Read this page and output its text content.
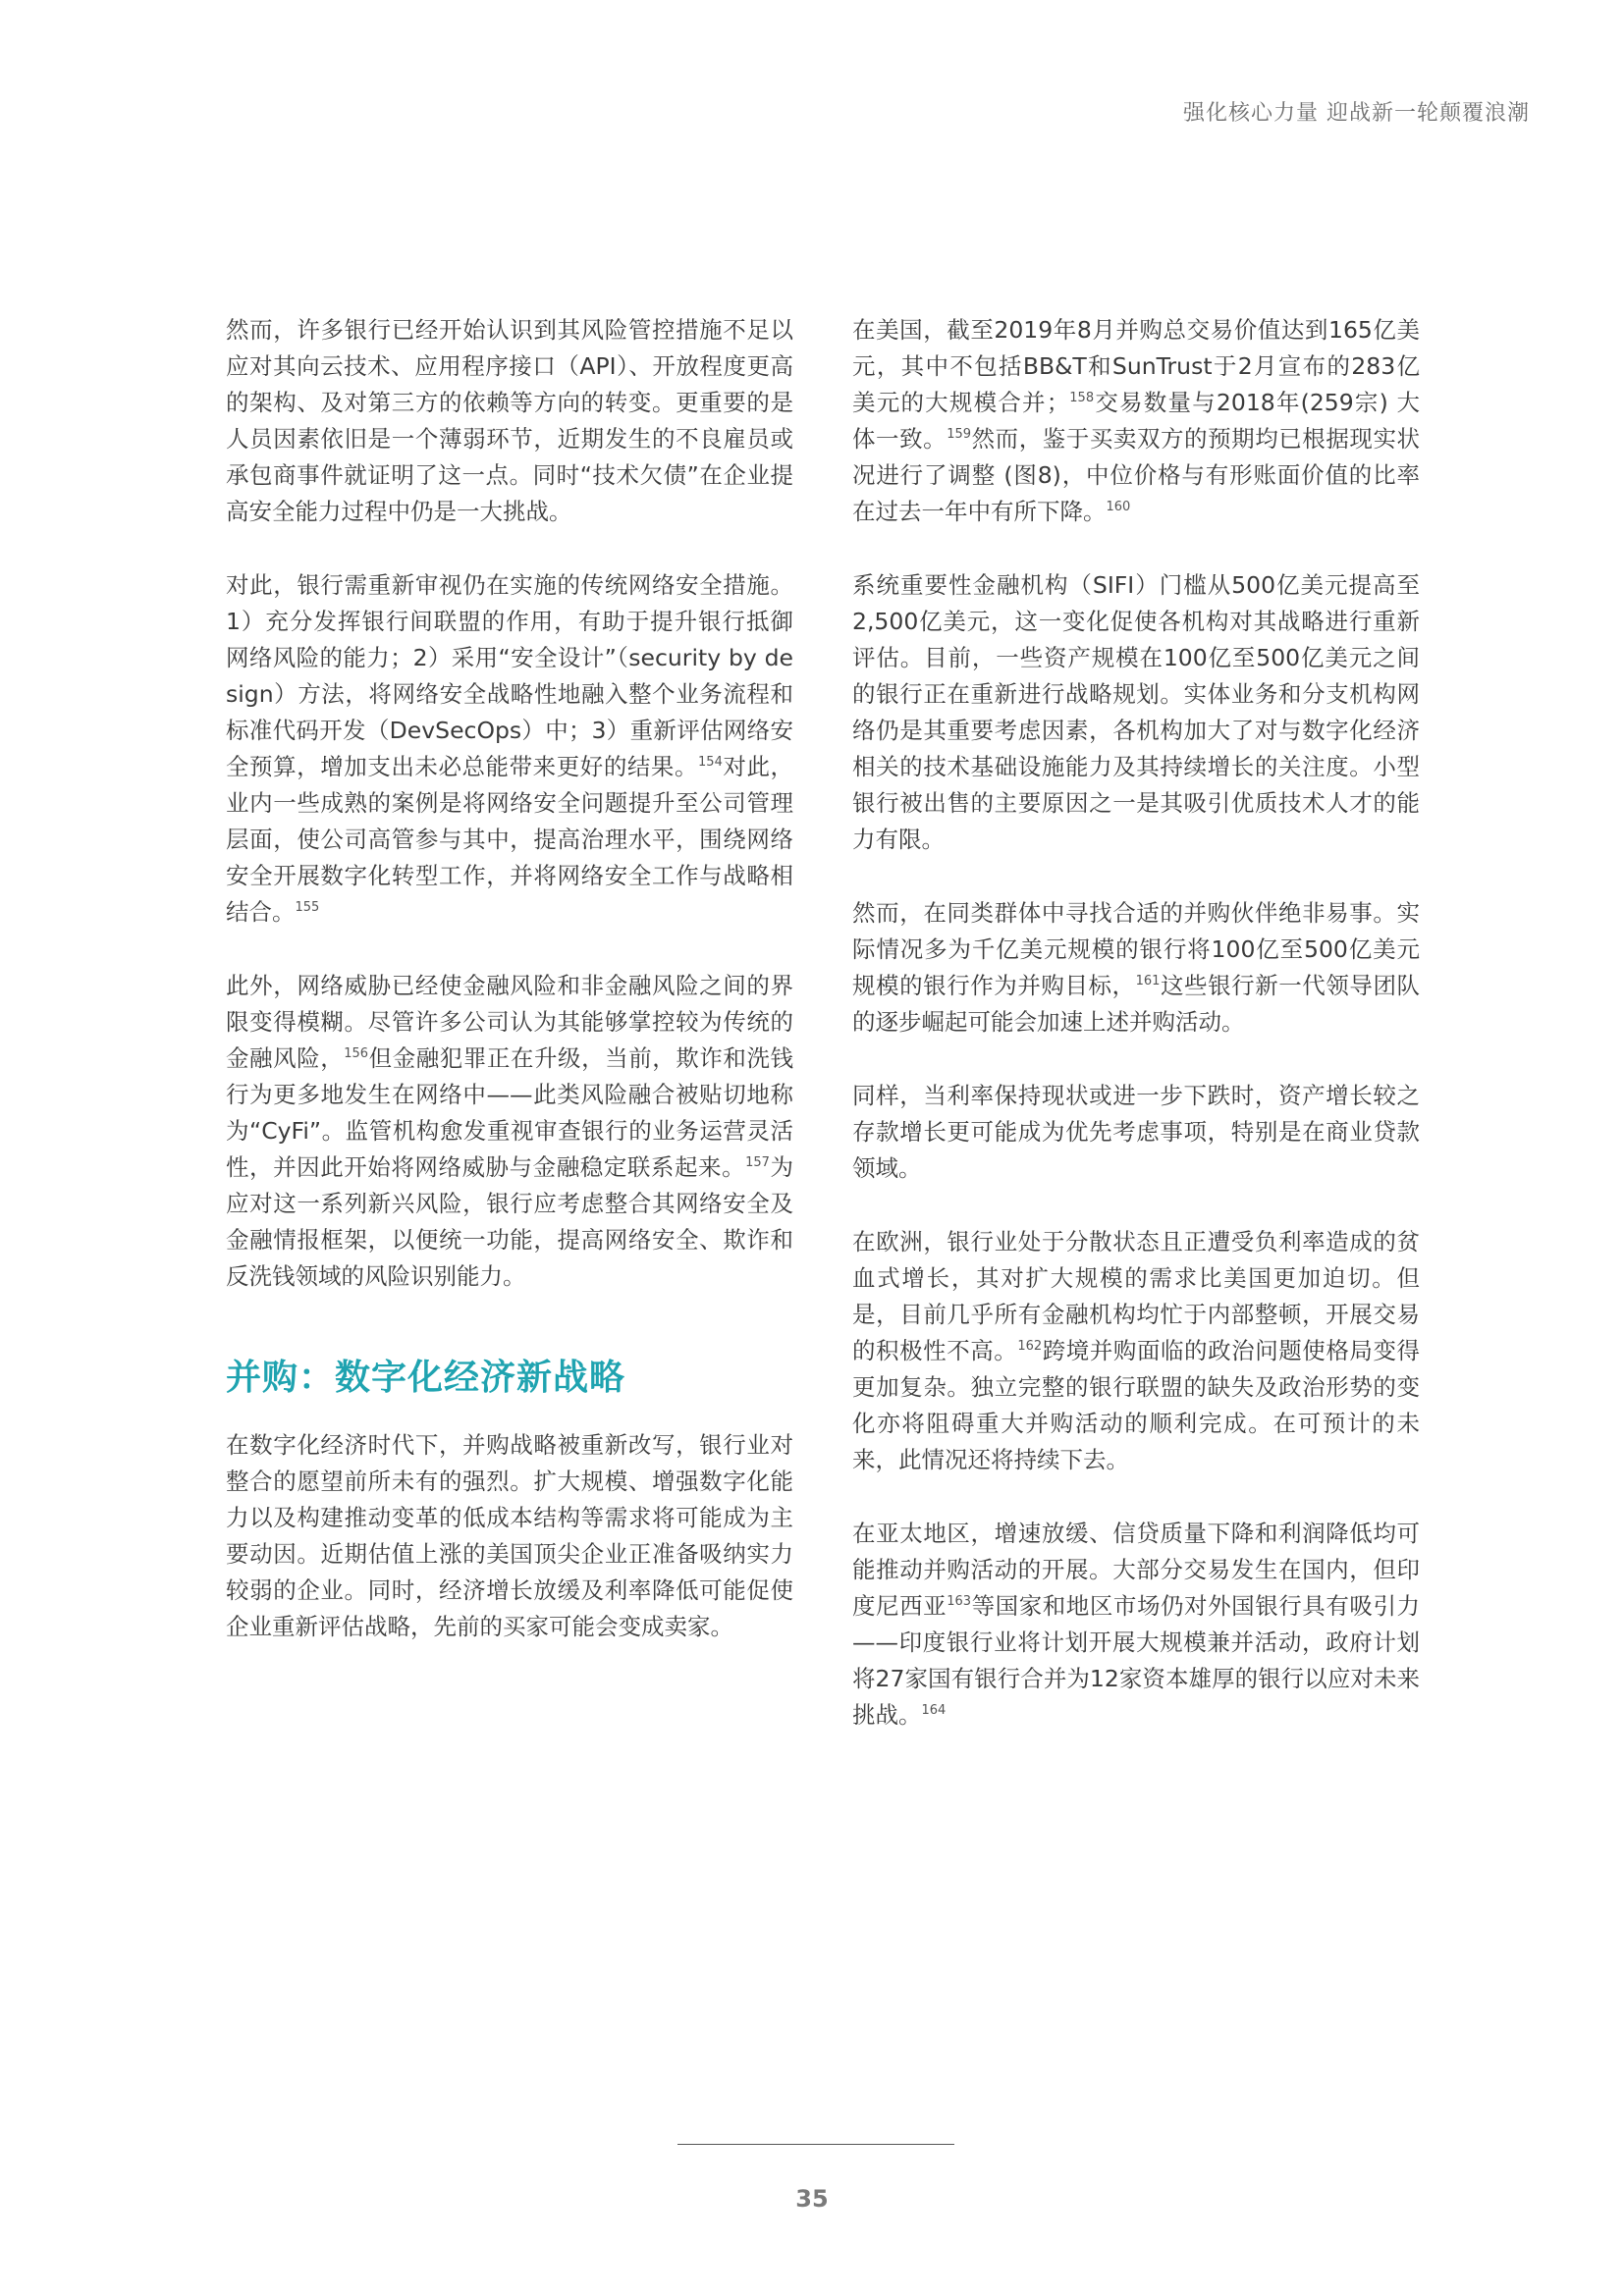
强化核心力量 迎战新一轮颠覆浪潮

然而，许多银行已经开始认识到其风险管控措施不足以应对其向云技术、应用程序接口（API）、开放程度更高的架构、及对第三方的依赖等方向的转变。更重要的是人员因素依旧是一个薄弱环节，近期发生的不良雇员或承包商事件就证明了这一点。同时“技术欠债”在企业提高安全能力过程中仍是一大挑战。

对此，银行需重新审视仍在实施的传统网络安全措施。1）充分发挥银行间联盟的作用，有助于提升银行抵御网络风险的能力；2）采用“安全设计”（security by design）方法，将网络安全战略性地融入整个业务流程和标准代码开发（DevSecOps）中；3）重新评估网络安全预算，增加支出未必总能带来更好的结果。$^{154}$对此，业内一些成熟的案例是将网络安全问题提升至公司管理层面，使公司高管参与其中，提高治理水平，围绕网络安全开展数字化转型工作，并将网络安全工作与战略相结合。$^{155}$

此外，网络威胁已经使金融风险和非金融风险之间的界限变得模糊。尽管许多公司认为其能够掌控较为传统的金融风险，$^{156}$但金融犯罪正在升级，当前，欺诈和洗钱行为更多地发生在网络中——此类风险融合被贴切地称为“CyFi”。监管机构愈发重视审查银行的业务运营灵活性，并因此开始将网络威胁与金融稳定联系起来。$^{157}$为应对这一系列新兴风险，银行应考虑整合其网络安全及金融情报框架，以便统一功能，提高网络安全、欺诈和反洗钱领域的风险识别能力。

并购：数字化经济新战略

在数字化经济时代下，并购战略被重新改写，银行业对整合的愿望前所未有的强烈。扩大规模、增强数字化能力以及构建推动变革的低成本结构等需求将可能成为主要动因。近期估值上涨的美国顶尖企业正准备吸纳实力较弱的企业。同时，经济增长放缓及利率降低可能促使企业重新评估战略，先前的买家可能会变成卖家。

在美国，截至2019年8月并购总交易价值达到165亿美元，其中不包括BB&T和SunTrust于2月宣布的283亿美元的大规模合并；$^{158}$交易数量与2018年(259宗) 大体一致。$^{159}$然而，鉴于买卖双方的预期均已根据现实状况进行了调整 (图8)，中位价格与有形账面价值的比率在过去一年中有所下降。$^{160}$

系统重要性金融机构（SIFI）门槛从500亿美元提高至2,500亿美元，这一变化促使各机构对其战略进行重新评估。目前，一些资产规模在100亿至500亿美元之间的银行正在重新进行战略规划。实体业务和分支机构网络仍是其重要考虑因素，各机构加大了对与数字化经济相关的技术基础设施能力及其持续增长的关注度。小型银行被出售的主要原因之一是其吸引优质技术人才的能力有限。

然而，在同类群体中寻找合适的并购伙伴绝非易事。实际情况多为千亿美元规模的银行将100亿至500亿美元规模的银行作为并购目标，$^{161}$这些银行新一代领导团队的逐步崛起可能会加速上述并购活动。

同样，当利率保持现状或进一步下跌时，资产增长较之存款增长更可能成为优先考虑事项，特别是在商业贷款领域。

在欧洲，银行业处于分散状态且正遭受负利率造成的贫血式增长，其对扩大规模的需求比美国更加迫切。但是，目前几乎所有金融机构均忙于内部整顿，开展交易的积极性不高。$^{162}$跨境并购面临的政治问题使格局变得更加复杂。独立完整的银行联盟的缺失及政治形势的变化亦将阻碍重大并购活动的顺利完成。在可预计的未来，此情况还将持续下去。

在亚太地区，增速放缓、信贷质量下降和利润降低均可能推动并购活动的开展。大部分交易发生在国内，但印度尼西亚$^{163}$等国家和地区市场仍对外国银行具有吸引力——印度银行业将计划开展大规模兼并活动，政府计划将27家国有银行合并为12家资本雄厚的银行以应对未来挑战。$^{164}$

35
